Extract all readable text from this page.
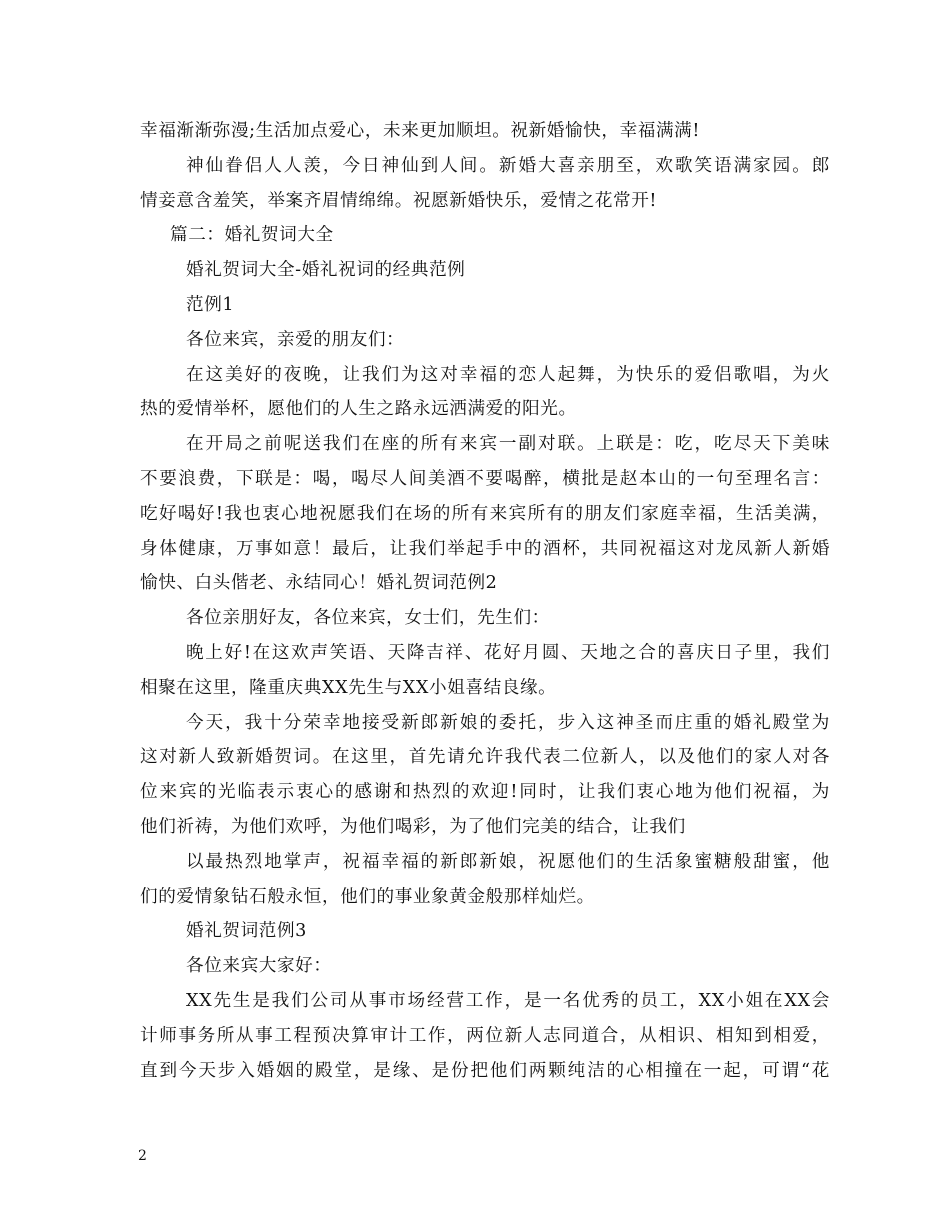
幸福渐渐弥漫;生活加点爱心，未来更加顺坦。祝新婚愉快，幸福满满!
神仙眷侣人人羡，今日神仙到人间。新婚大喜亲朋至，欢歌笑语满家园。郎
情妾意含羞笑，举案齐眉情绵绵。祝愿新婚快乐，爱情之花常开!
篇二：婚礼贺词大全
婚礼贺词大全-婚礼祝词的经典范例
范例1
各位来宾，亲爱的朋友们：
在这美好的夜晚，让我们为这对幸福的恋人起舞，为快乐的爱侣歌唱，为火
热的爱情举杯，愿他们的人生之路永远洒满爱的阳光。
在开局之前呢送我们在座的所有来宾一副对联。上联是：吃，吃尽天下美味
不要浪费，下联是：喝，喝尽人间美酒不要喝醉，横批是赵本山的一句至理名言：
吃好喝好!我也衷心地祝愿我们在场的所有来宾所有的朋友们家庭幸福，生活美满，
身体健康，万事如意！最后，让我们举起手中的酒杯，共同祝福这对龙凤新人新婚
愉快、白头偕老、永结同心！婚礼贺词范例2
各位亲朋好友，各位来宾，女士们，先生们：
晚上好!在这欢声笑语、天降吉祥、花好月圆、天地之合的喜庆日子里，我们
相聚在这里，隆重庆典XX先生与XX小姐喜结良缘。
今天，我十分荣幸地接受新郎新娘的委托，步入这神圣而庄重的婚礼殿堂为
这对新人致新婚贺词。在这里，首先请允许我代表二位新人，以及他们的家人对各
位来宾的光临表示衷心的感谢和热烈的欢迎!同时，让我们衷心地为他们祝福，为
他们祈祷，为他们欢呼，为他们喝彩，为了他们完美的结合，让我们
以最热烈地掌声，祝福幸福的新郎新娘，祝愿他们的生活象蜜糖般甜蜜，他
们的爱情象钻石般永恒，他们的事业象黄金般那样灿烂。
婚礼贺词范例3
各位来宾大家好：
XX先生是我们公司从事市场经营工作，是一名优秀的员工，XX小姐在XX会
计师事务所从事工程预决算审计工作，两位新人志同道合，从相识、相知到相爱，
直到今天步入婚姻的殿堂，是缘、是份把他们两颗纯洁的心相撞在一起，可谓“花
2
